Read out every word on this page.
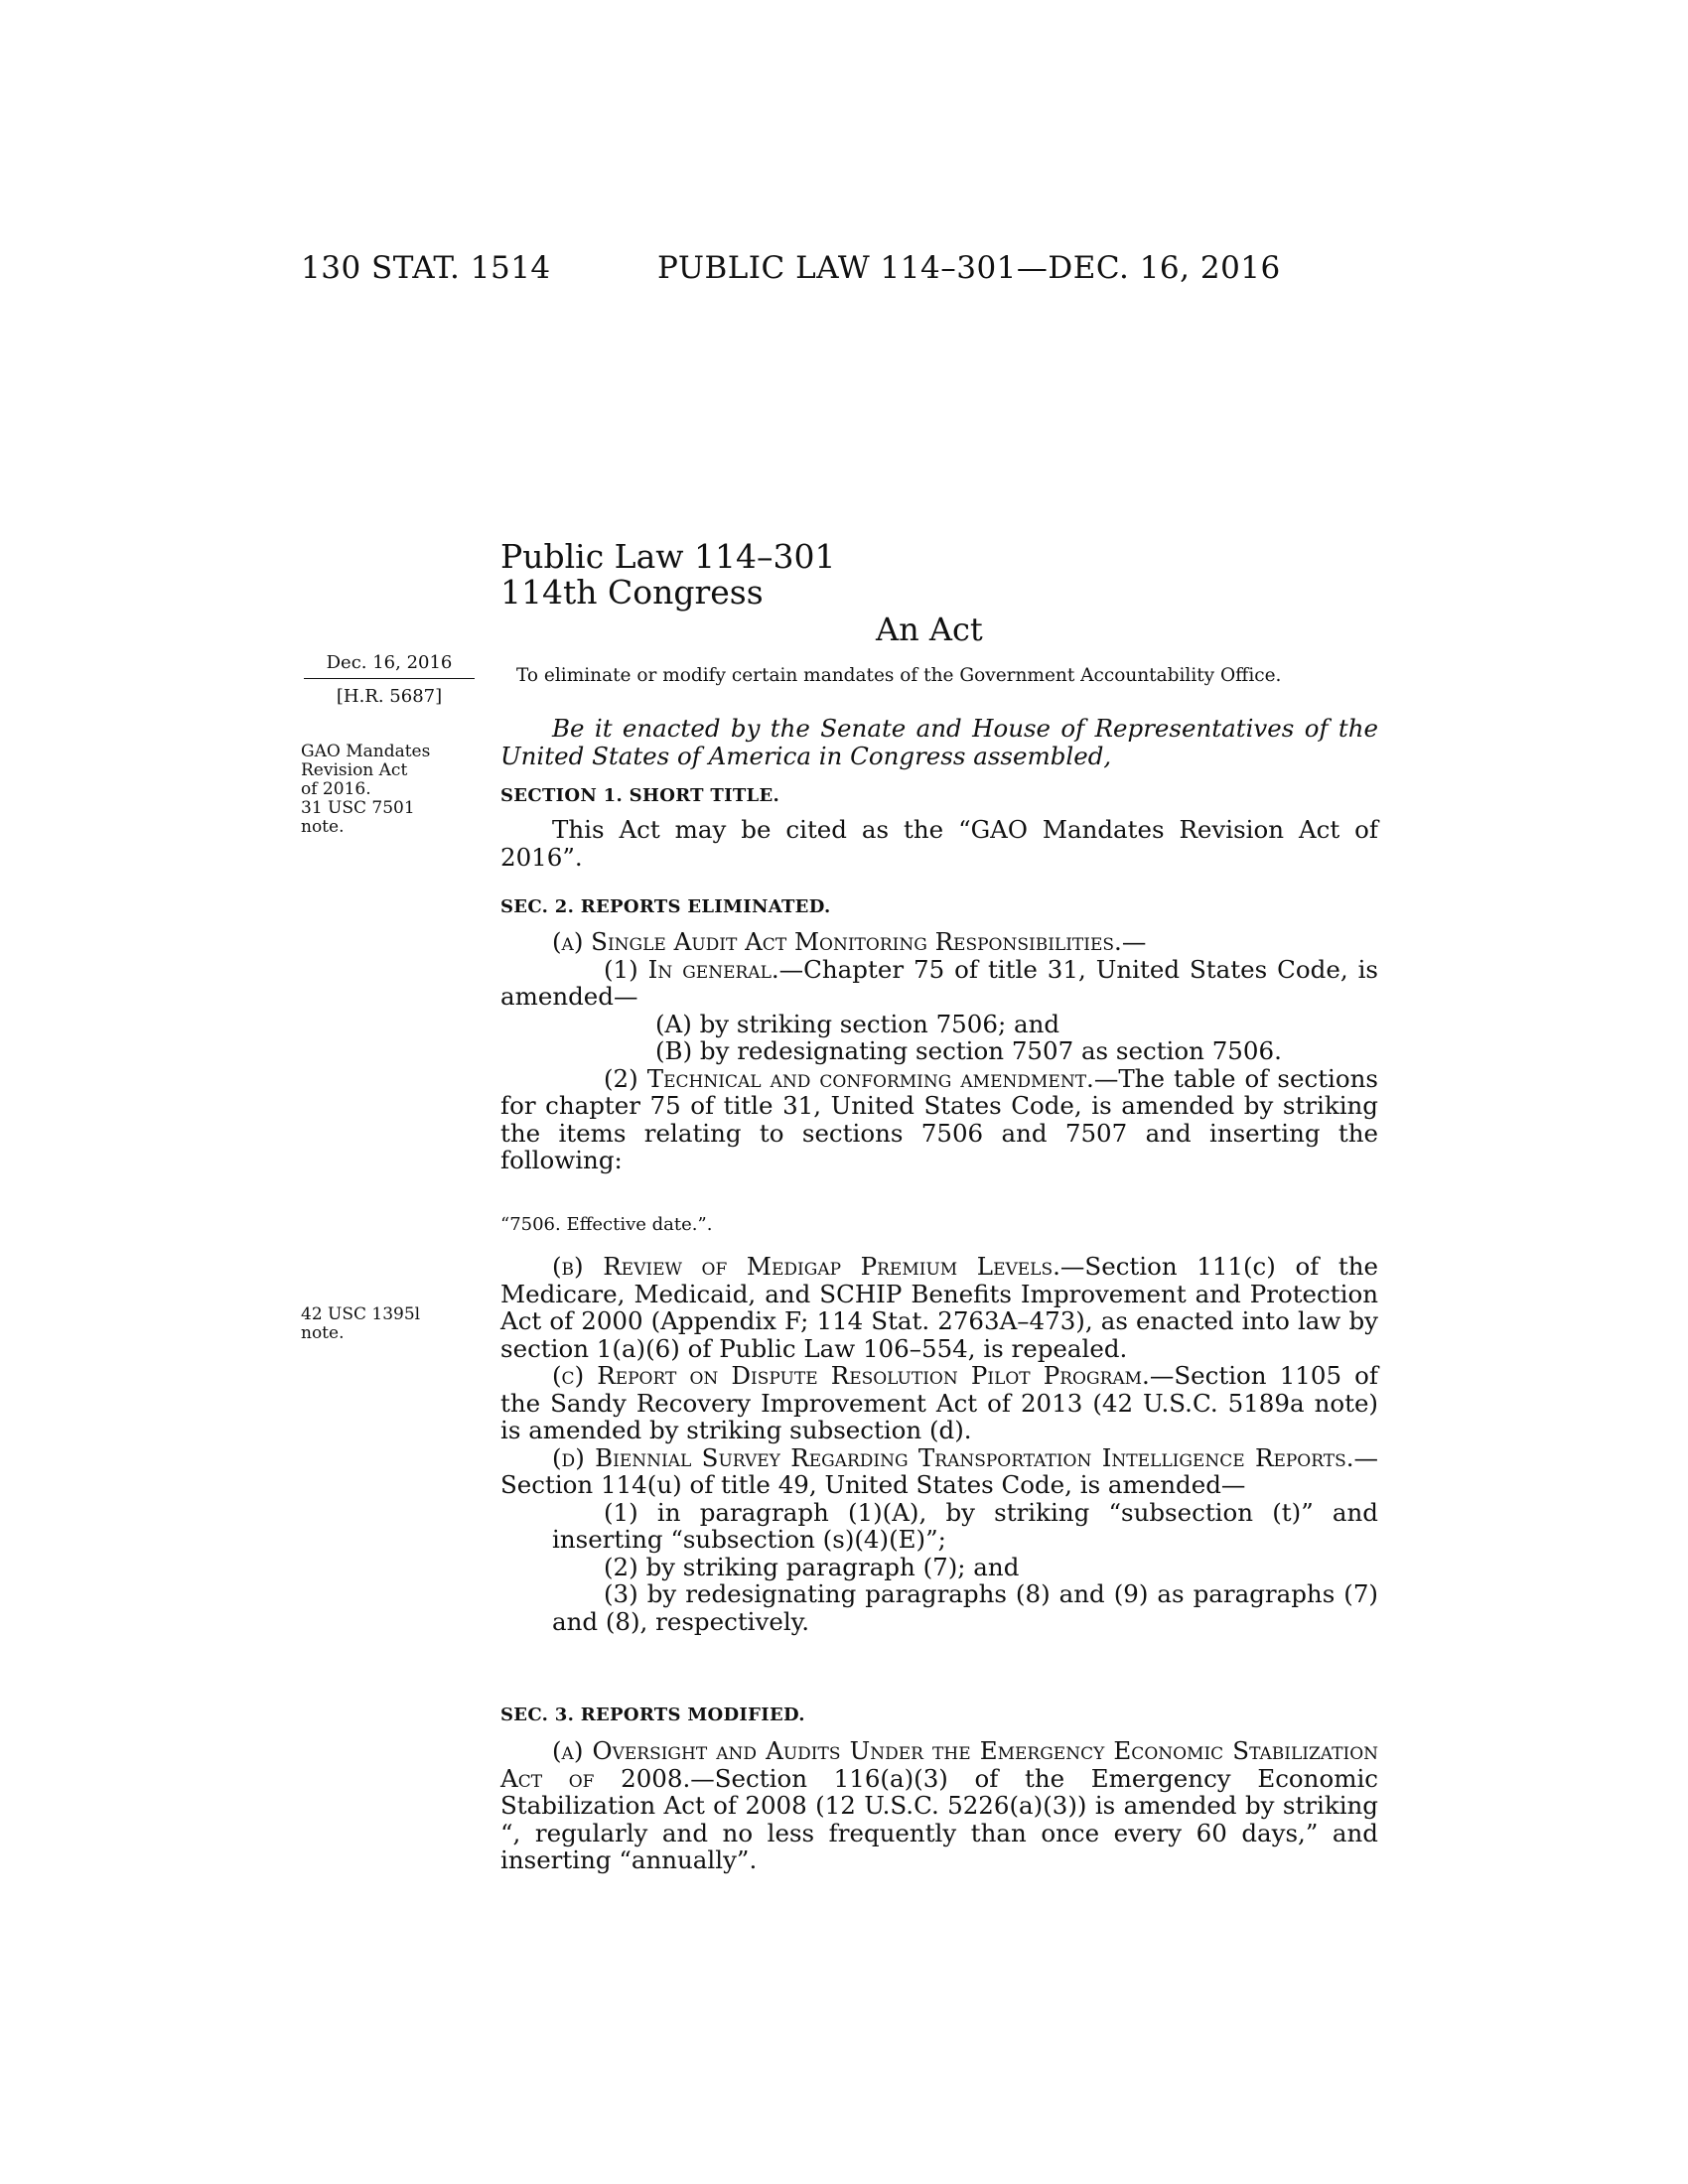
130 STAT. 1514	PUBLIC LAW 114–301—DEC. 16, 2016
Public Law 114–301
114th Congress
An Act
Dec. 16, 2016
[H.R. 5687]
GAO Mandates
Revision Act
of 2016.
31 USC 7501
note.
42 USC 1395l
note.
To eliminate or modify certain mandates of the Government Accountability Office.
Be it enacted by the Senate and House of Representatives of the United States of America in Congress assembled,
SECTION 1. SHORT TITLE.
This Act may be cited as the “GAO Mandates Revision Act of 2016”.
SEC. 2. REPORTS ELIMINATED.
(a) Single Audit Act Monitoring Responsibilities.—
(1) In general.—Chapter 75 of title 31, United States Code, is amended—
(A) by striking section 7506; and
(B) by redesignating section 7507 as section 7506.
(2) Technical and conforming amendment.—The table of sections for chapter 75 of title 31, United States Code, is amended by striking the items relating to sections 7506 and 7507 and inserting the following:
“7506. Effective date.”.
(b) Review of Medigap Premium Levels.—Section 111(c) of the Medicare, Medicaid, and SCHIP Benefits Improvement and Protection Act of 2000 (Appendix F; 114 Stat. 2763A–473), as enacted into law by section 1(a)(6) of Public Law 106–554, is repealed.
(c) Report on Dispute Resolution Pilot Program.—Section 1105 of the Sandy Recovery Improvement Act of 2013 (42 U.S.C. 5189a note) is amended by striking subsection (d).
(d) Biennial Survey Regarding Transportation Intelligence Reports.—Section 114(u) of title 49, United States Code, is amended—
(1) in paragraph (1)(A), by striking “subsection (t)” and inserting “subsection (s)(4)(E)”;
(2) by striking paragraph (7); and
(3) by redesignating paragraphs (8) and (9) as paragraphs (7) and (8), respectively.
SEC. 3. REPORTS MODIFIED.
(a) Oversight and Audits Under the Emergency Economic Stabilization Act of 2008.—Section 116(a)(3) of the Emergency Economic Stabilization Act of 2008 (12 U.S.C. 5226(a)(3)) is amended by striking “, regularly and no less frequently than once every 60 days,” and inserting “annually”.
